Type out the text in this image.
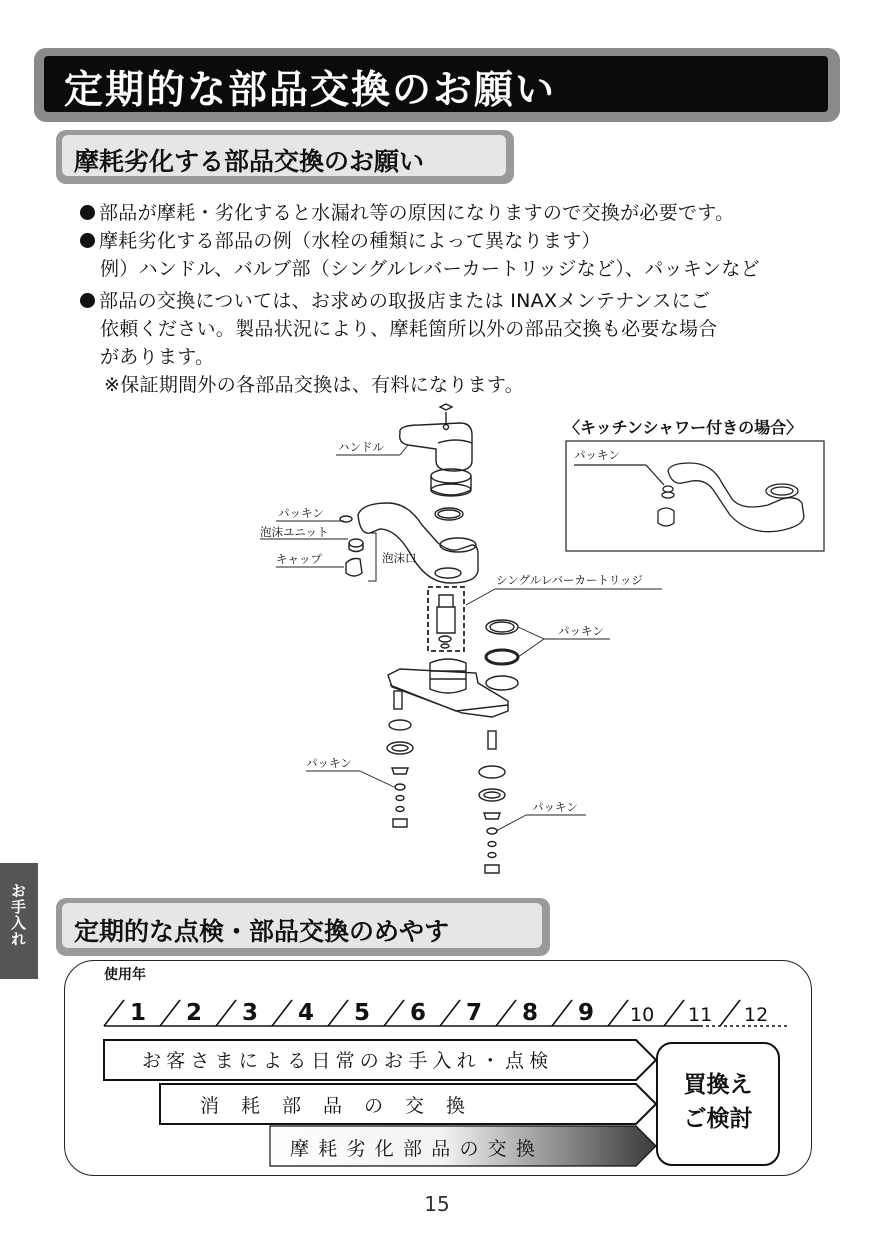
定期的な部品交換のお願い
摩耗劣化する部品交換のお願い
部品が摩耗・劣化すると水漏れ等の原因になりますので交換が必要です。
摩耗劣化する部品の例（水栓の種類によって異なります）
例）ハンドル、バルブ部（シングルレバーカートリッジなど）、パッキンなど
部品の交換については、お求めの取扱店または INAXメンテナンスにご
依頼ください。製品状況により、摩耗箇所以外の部品交換も必要な場合
があります。
※保証期間外の各部品交換は、有料になります。
ハンドル
パッキン
泡沫ユニット
キャップ	泡沫口
シングルレバーカートリッジ
パッキン
パッキン
パッキン
〈キッチンシャワー付きの場合〉
パッキン
お手入れ 定期的な点検・部品交換のめやす
使用年
1 2 3 4 5 6 7 8 9 10 11 12
お客さまによる日常のお手入れ・点検
消　耗　部　品　の　交　換
摩 耗 劣 化 部 品 の 交 換
買換え
ご検討
15
